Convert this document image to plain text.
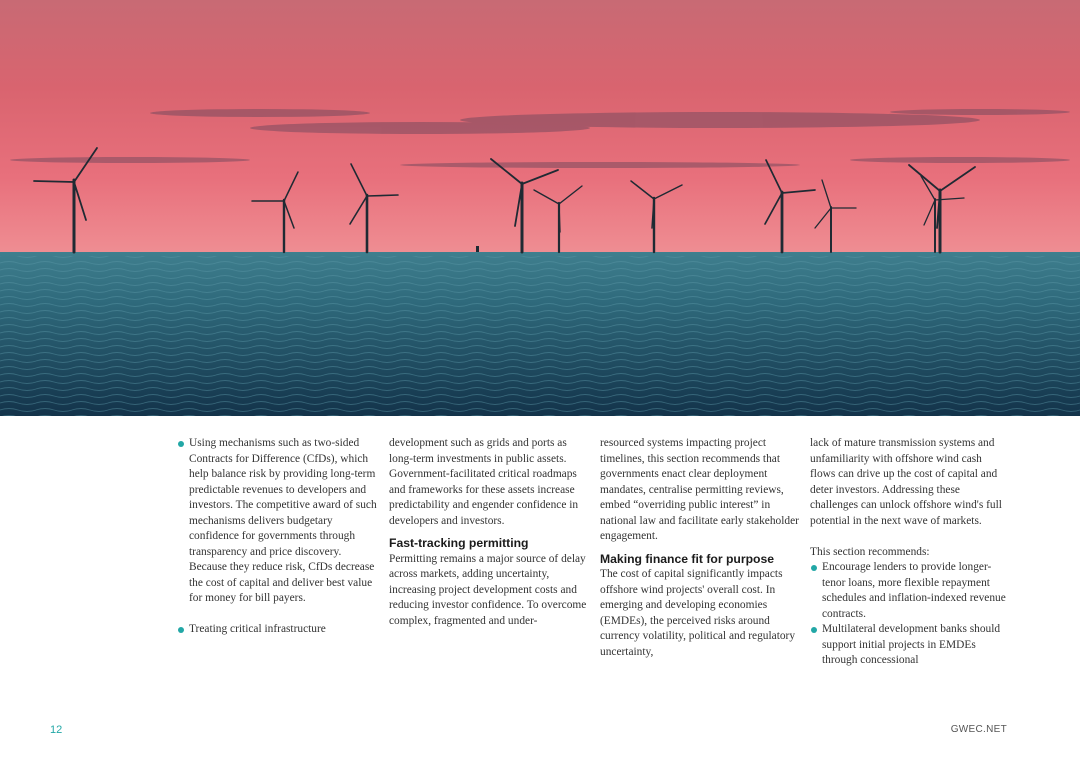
Using mechanisms such as two-sided Contracts for Difference (CfDs), which help balance risk by providing long-term predictable revenues to developers and investors. The competitive award of such mechanisms delivers budgetary confidence for governments through transparency and price discovery. Because they reduce risk, CfDs decrease the cost of capital and deliver best value for money for bill payers.

Treating critical infrastructure

development such as grids and ports as long-term investments in public assets. Government-facilitated critical roadmaps and frameworks for these assets increase predictability and engender confidence in developers and investors.

Fast-tracking permitting

Permitting remains a major source of delay across markets, adding uncertainty, increasing project development costs and reducing investor confidence. To overcome complex, fragmented and under-

resourced systems impacting project timelines, this section recommends that governments enact clear deployment mandates, centralise permitting reviews, embed “overriding public interest” in national law and facilitate early stakeholder engagement.

Making finance fit for purpose

The cost of capital significantly impacts offshore wind projects' overall cost. In emerging and developing economies (EMDEs), the perceived risks around currency volatility, political and regulatory uncertainty,

lack of mature transmission systems and unfamiliarity with offshore wind cash flows can drive up the cost of capital and deter investors. Addressing these challenges can unlock offshore wind's full potential in the next wave of markets.

This section recommends:

Encourage lenders to provide longer-tenor loans, more flexible repayment schedules and inflation-indexed revenue contracts.

Multilateral development banks should support initial projects in EMDEs through concessional

12	GWEC.NET
